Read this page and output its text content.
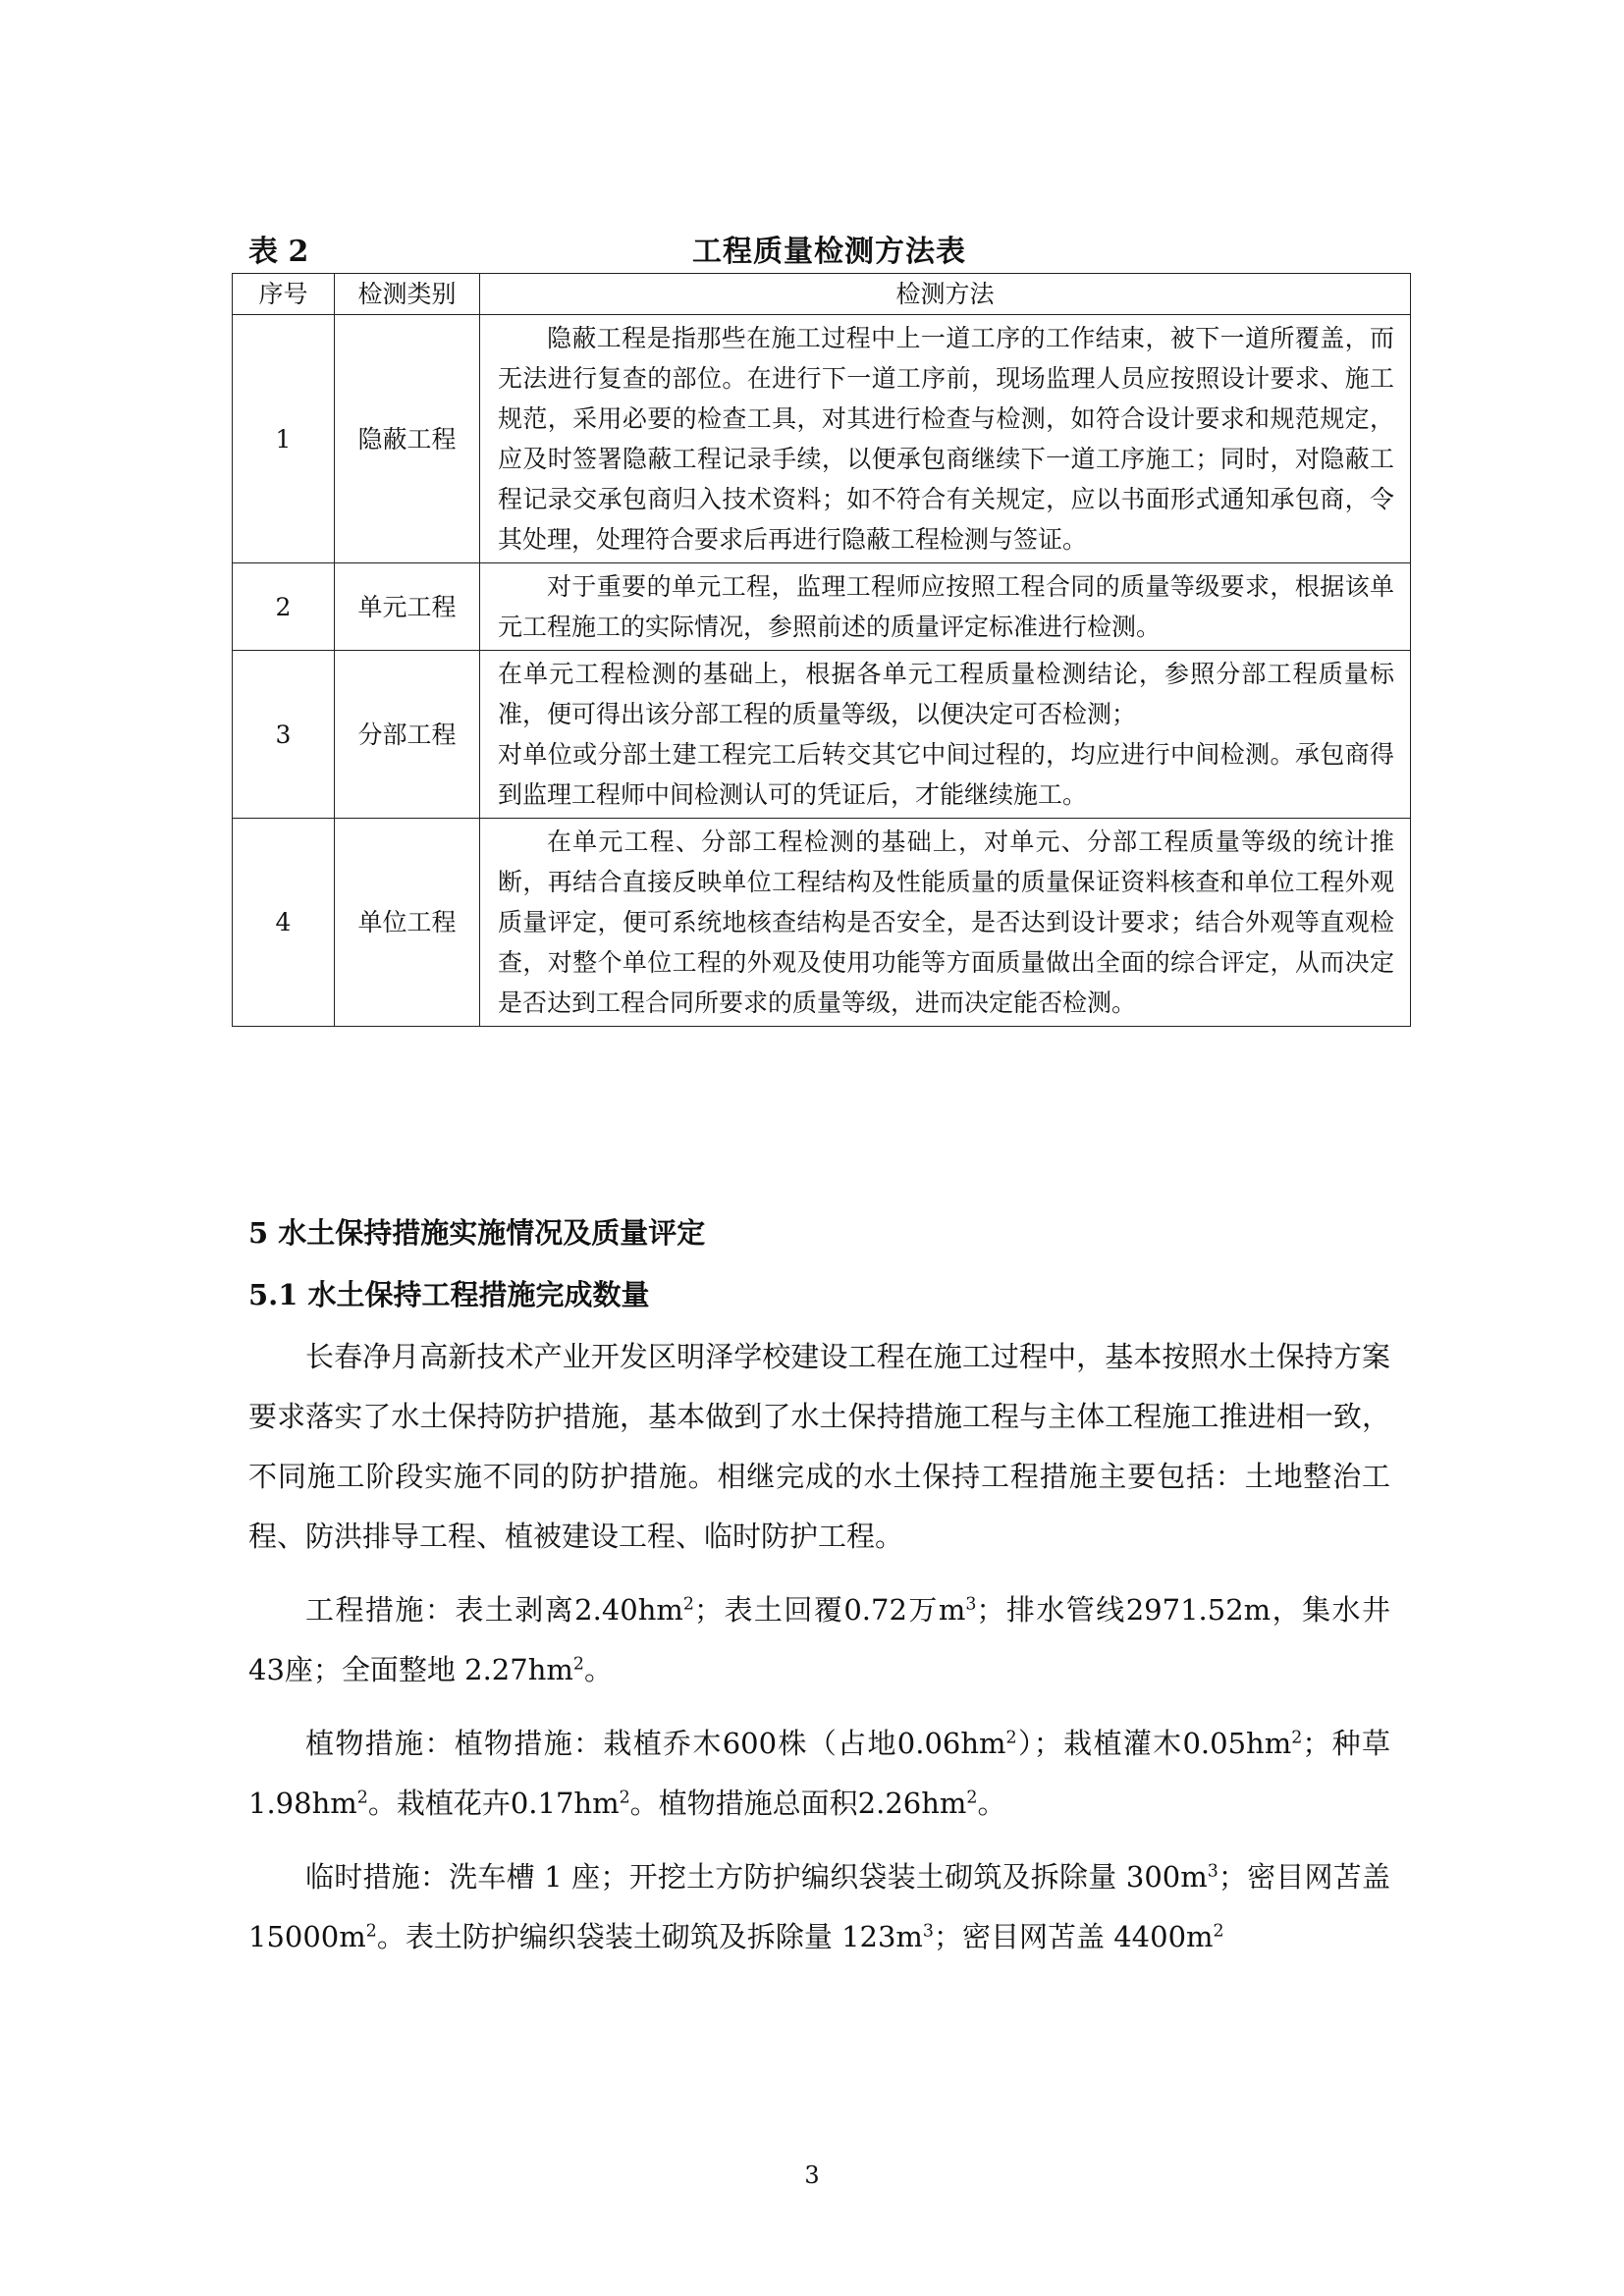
表 2	工程质量检测方法表
序号	检测类别	检测方法
1	隐蔽工程	隐蔽工程是指那些在施工过程中上一道工序的工作结束，被下一道所覆盖，而无法进行复查的部位。在进行下一道工序前，现场监理人员应按照设计要求、施工规范，采用必要的检查工具，对其进行检查与检测，如符合设计要求和规范规定，应及时签署隐蔽工程记录手续，以便承包商继续下一道工序施工；同时，对隐蔽工程记录交承包商归入技术资料；如不符合有关规定，应以书面形式通知承包商，令其处理，处理符合要求后再进行隐蔽工程检测与签证。
2	单元工程	对于重要的单元工程，监理工程师应按照工程合同的质量等级要求，根据该单元工程施工的实际情况，参照前述的质量评定标准进行检测。
3	分部工程	在单元工程检测的基础上，根据各单元工程质量检测结论，参照分部工程质量标准，便可得出该分部工程的质量等级，以便决定可否检测；
对单位或分部土建工程完工后转交其它中间过程的，均应进行中间检测。承包商得到监理工程师中间检测认可的凭证后，才能继续施工。

4	单位工程	在单元工程、分部工程检测的基础上，对单元、分部工程质量等级的统计推断，再结合直接反映单位工程结构及性能质量的质量保证资料核查和单位工程外观质量评定，便可系统地核查结构是否安全，是否达到设计要求；结合外观等直观检查，对整个单位工程的外观及使用功能等方面质量做出全面的综合评定，从而决定是否达到工程合同所要求的质量等级，进而决定能否检测。
5 水土保持措施实施情况及质量评定
5.1 水土保持工程措施完成数量

长春净月高新技术产业开发区明泽学校建设工程在施工过程中，基本按照水土保持方案要求落实了水土保持防护措施，基本做到了水土保持措施工程与主体工程施工推进相一致，不同施工阶段实施不同的防护措施。相继完成的水土保持工程措施主要包括：土地整治工程、防洪排导工程、植被建设工程、临时防护工程。

工程措施：表土剥离$2.40hm^2$；表土回覆0.72万$m^3$；排水管线2971.52m，集水井43座；全面整地 $2.27hm^2$。

植物措施：植物措施：栽植乔木600株（占地$0.06hm^2$）；栽植灌木$0.05hm^2$；种草$1.98hm^2$。栽植花卉$0.17hm^2$。植物措施总面积$2.26hm^2$。

临时措施：洗车槽 1 座；开挖土方防护编织袋装土砌筑及拆除量 $300m^3$；密目网苫盖 $15000m^2$。表土防护编织袋装土砌筑及拆除量 $123m^3$；密目网苫盖 $4400m^2$

3
